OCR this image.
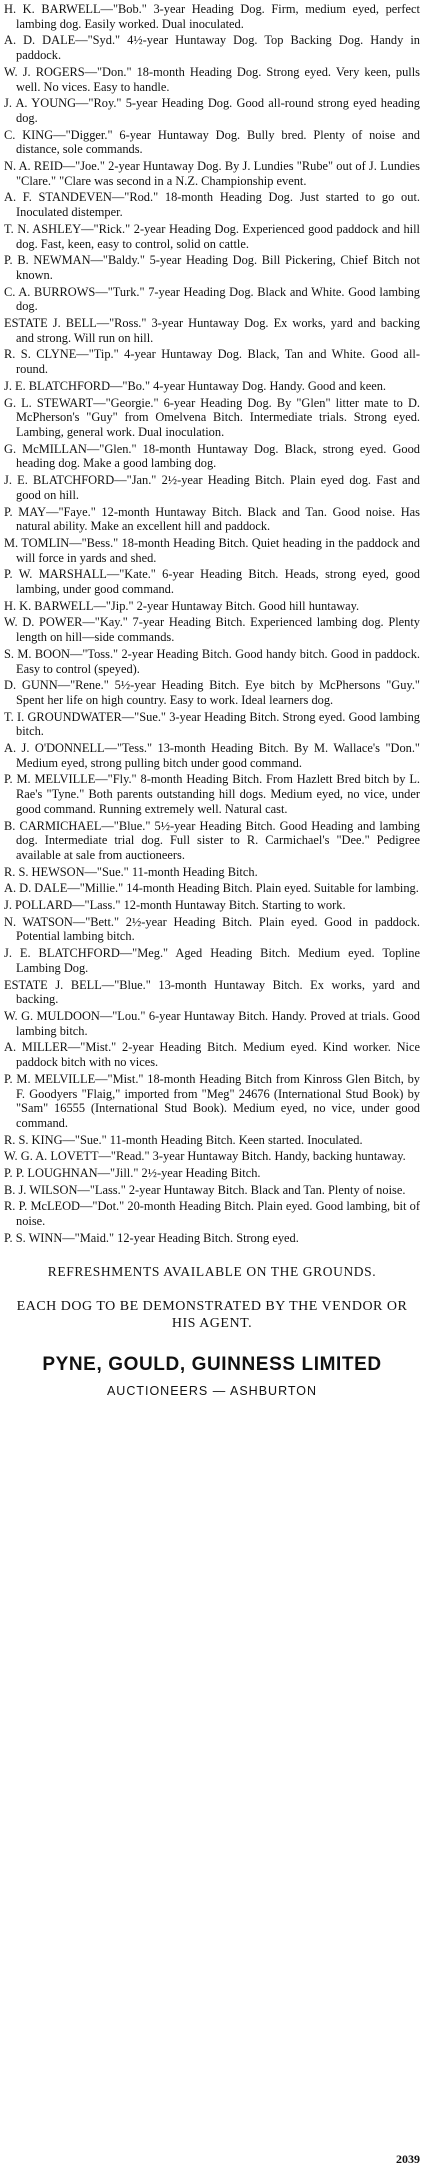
H. K. BARWELL—"Bob." 3-year Heading Dog. Firm, medium eyed, perfect lambing dog. Easily worked. Dual inoculated.

A. D. DALE—"Syd." 4½-year Huntaway Dog. Top Backing Dog. Handy in paddock.

W. J. ROGERS—"Don." 18-month Heading Dog. Strong eyed. Very keen, pulls well. No vices. Easy to handle.

J. A. YOUNG—"Roy." 5-year Heading Dog. Good all-round strong eyed heading dog.

C. KING—"Digger." 6-year Huntaway Dog. Bully bred. Plenty of noise and distance, sole commands.

N. A. REID—"Joe." 2-year Huntaway Dog. By J. Lundies "Rube" out of J. Lundies "Clare." "Clare was second in a N.Z. Championship event.

A. F. STANDEVEN—"Rod." 18-month Heading Dog. Just started to go out. Inoculated distemper.

T. N. ASHLEY—"Rick." 2-year Heading Dog. Experienced good paddock and hill dog. Fast, keen, easy to control, solid on cattle.

P. B. NEWMAN—"Baldy." 5-year Heading Dog. Bill Pickering, Chief Bitch not known.

C. A. BURROWS—"Turk." 7-year Heading Dog. Black and White. Good lambing dog.

ESTATE J. BELL—"Ross." 3-year Huntaway Dog. Ex works, yard and backing and strong. Will run on hill.

R. S. CLYNE—"Tip." 4-year Huntaway Dog. Black, Tan and White. Good all-round.

J. E. BLATCHFORD—"Bo." 4-year Huntaway Dog. Handy. Good and keen.

G. L. STEWART—"Georgie." 6-year Heading Dog. By "Glen" litter mate to D. McPherson's "Guy" from Omelvena Bitch. Intermediate trials. Strong eyed. Lambing, general work. Dual inoculation.

G. McMILLAN—"Glen." 18-month Huntaway Dog. Black, strong eyed. Good heading dog. Make a good lambing dog.

J. E. BLATCHFORD—"Jan." 2½-year Heading Bitch. Plain eyed dog. Fast and good on hill.

P. MAY—"Faye." 12-month Huntaway Bitch. Black and Tan. Good noise. Has natural ability. Make an excellent hill and paddock.

M. TOMLIN—"Bess." 18-month Heading Bitch. Quiet heading in the paddock and will force in yards and shed.

P. W. MARSHALL—"Kate." 6-year Heading Bitch. Heads, strong eyed, good lambing, under good command.

H. K. BARWELL—"Jip." 2-year Huntaway Bitch. Good hill huntaway.

W. D. POWER—"Kay." 7-year Heading Bitch. Experienced lambing dog. Plenty length on hill—side commands.

S. M. BOON—"Toss." 2-year Heading Bitch. Good handy bitch. Good in paddock. Easy to control (speyed).

D. GUNN—"Rene." 5½-year Heading Bitch. Eye bitch by McPhersons "Guy." Spent her life on high country. Easy to work. Ideal learners dog.

T. I. GROUNDWATER—"Sue." 3-year Heading Bitch. Strong eyed. Good lambing bitch.

A. J. O'DONNELL—"Tess." 13-month Heading Bitch. By M. Wallace's "Don." Medium eyed, strong pulling bitch under good command.

P. M. MELVILLE—"Fly." 8-month Heading Bitch. From Hazlett Bred bitch by L. Rae's "Tyne." Both parents outstanding hill dogs. Medium eyed, no vice, under good command. Running extremely well. Natural cast.

B. CARMICHAEL—"Blue." 5½-year Heading Bitch. Good Heading and lambing dog. Intermediate trial dog. Full sister to R. Carmichael's "Dee." Pedigree available at sale from auctioneers.

R. S. HEWSON—"Sue." 11-month Heading Bitch.

A. D. DALE—"Millie." 14-month Heading Bitch. Plain eyed. Suitable for lambing.

J. POLLARD—"Lass." 12-month Huntaway Bitch. Starting to work.

N. WATSON—"Bett." 2½-year Heading Bitch. Plain eyed. Good in paddock. Potential lambing bitch.

J. E. BLATCHFORD—"Meg." Aged Heading Bitch. Medium eyed. Topline Lambing Dog.

ESTATE J. BELL—"Blue." 13-month Huntaway Bitch. Ex works, yard and backing.

W. G. MULDOON—"Lou." 6-year Huntaway Bitch. Handy. Proved at trials. Good lambing bitch.

A. MILLER—"Mist." 2-year Heading Bitch. Medium eyed. Kind worker. Nice paddock bitch with no vices.

P. M. MELVILLE—"Mist." 18-month Heading Bitch from Kinross Glen Bitch, by F. Goodyers "Flaig," imported from "Meg" 24676 (International Stud Book) by "Sam" 16555 (International Stud Book). Medium eyed, no vice, under good command.

R. S. KING—"Sue." 11-month Heading Bitch. Keen started. Inoculated.

W. G. A. LOVETT—"Read." 3-year Huntaway Bitch. Handy, backing huntaway.

P. P. LOUGHNAN—"Jill." 2½-year Heading Bitch.

B. J. WILSON—"Lass." 2-year Huntaway Bitch. Black and Tan. Plenty of noise.

R. P. McLEOD—"Dot." 20-month Heading Bitch. Plain eyed. Good lambing, bit of noise.

P. S. WINN—"Maid." 12-year Heading Bitch. Strong eyed.

REFRESHMENTS AVAILABLE ON THE GROUNDS.

EACH DOG TO BE DEMONSTRATED BY THE VENDOR OR HIS AGENT.

PYNE, GOULD, GUINNESS LIMITED

AUCTIONEERS — ASHBURTON

2039
